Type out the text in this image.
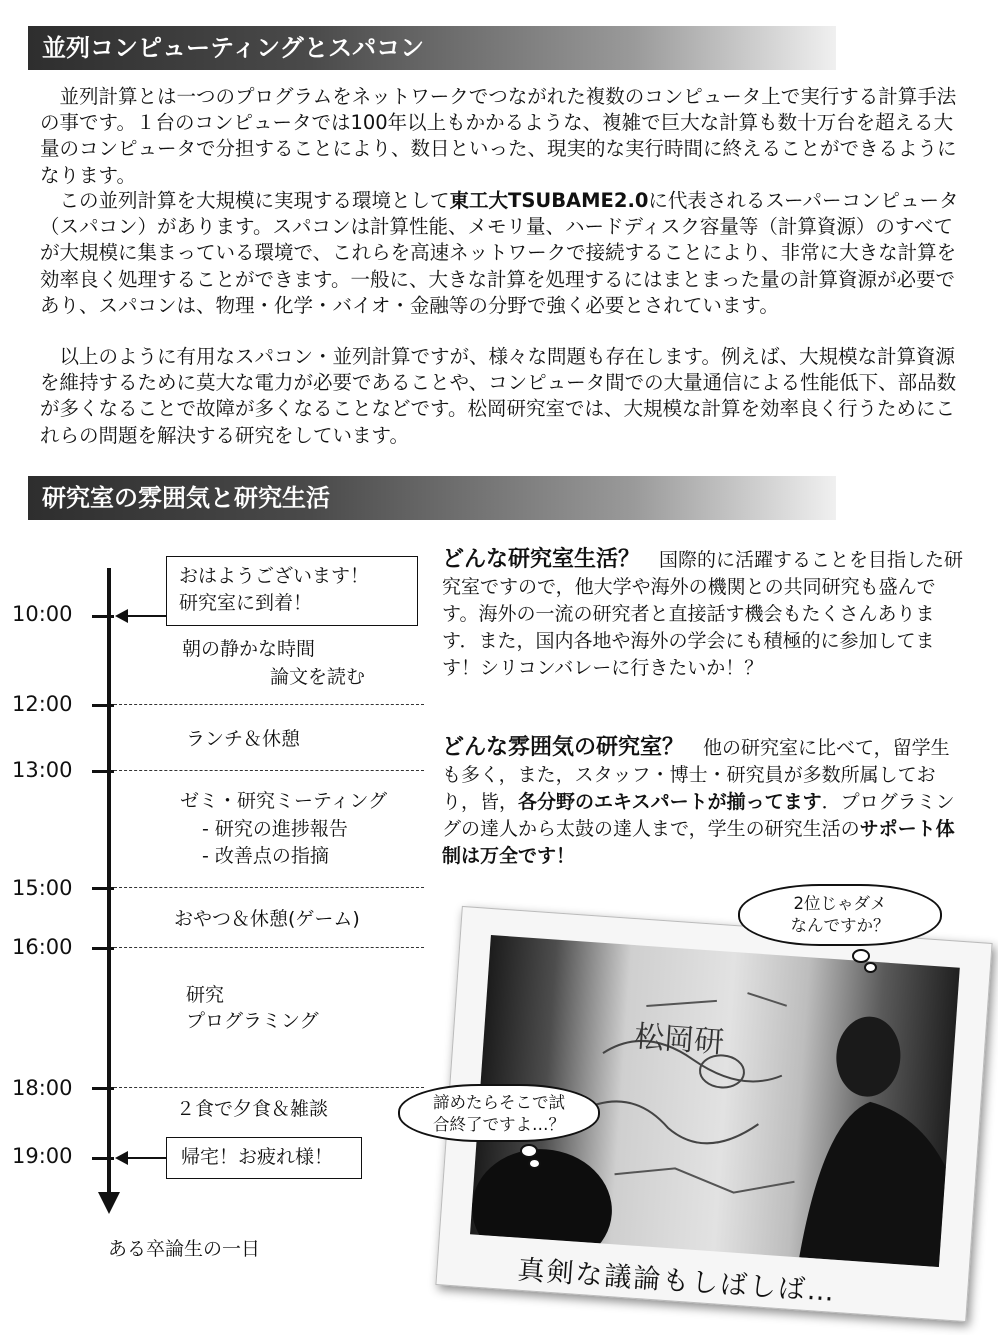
並列コンピューティングとスパコン

並列計算とは一つのプログラムをネットワークでつながれた複数のコンピュータ上で実行する計算手法の事です。１台のコンピュータでは100年以上もかかるような、複雑で巨大な計算も数十万台を超える大量のコンピュータで分担することにより、数日といった、現実的な実行時間に終えることができるようになります。

この並列計算を大規模に実現する環境として東工大TSUBAME2.0に代表されるスーパーコンピュータ（スパコン）があります。スパコンは計算性能、メモリ量、ハードディスク容量等（計算資源）のすべてが大規模に集まっている環境で、これらを高速ネットワークで接続することにより、非常に大きな計算を効率良く処理することができます。一般に、大きな計算を処理するにはまとまった量の計算資源が必要であり、スパコンは、物理・化学・バイオ・金融等の分野で強く必要とされています。

以上のように有用なスパコン・並列計算ですが、様々な問題も存在します。例えば、大規模な計算資源を維持するために莫大な電力が必要であることや、コンピュータ間での大量通信による性能低下、部品数が多くなることで故障が多くなることなどです。松岡研究室では、大規模な計算を効率良く行うためにこれらの問題を解決する研究をしています。

研究室の雰囲気と研究生活
10:00
12:00
13:00
15:00
16:00
18:00
19:00
おはようございます！
研究室に到着！
朝の静かな時間
論文を読む
ランチ＆休憩
ゼミ・研究ミーティング
- 研究の進捗報告
- 改善点の指摘
おやつ＆休憩(ゲーム)
研究
プログラミング
２食で夕食＆雑談
帰宅！お疲れ様！
ある卒論生の一日

どんな研究室生活？　国際的に活躍することを目指した研究室ですので，他大学や海外の機関との共同研究も盛んです。海外の一流の研究者と直接話す機会もたくさんあります．また，国内各地や海外の学会にも積極的に参加してます！シリコンバレーに行きたいか！？

どんな雰囲気の研究室？　他の研究室に比べて，留学生も多く，また，スタッフ・博士・研究員が多数所属しており，皆，各分野のエキスパートが揃ってます．プログラミングの達人から太鼓の達人まで，学生の研究生活のサポート体制は万全です！

松岡研
真剣な議論もしばしば…
2位じゃダメ
なんですか？
諦めたらそこで試
合終了ですよ…？
